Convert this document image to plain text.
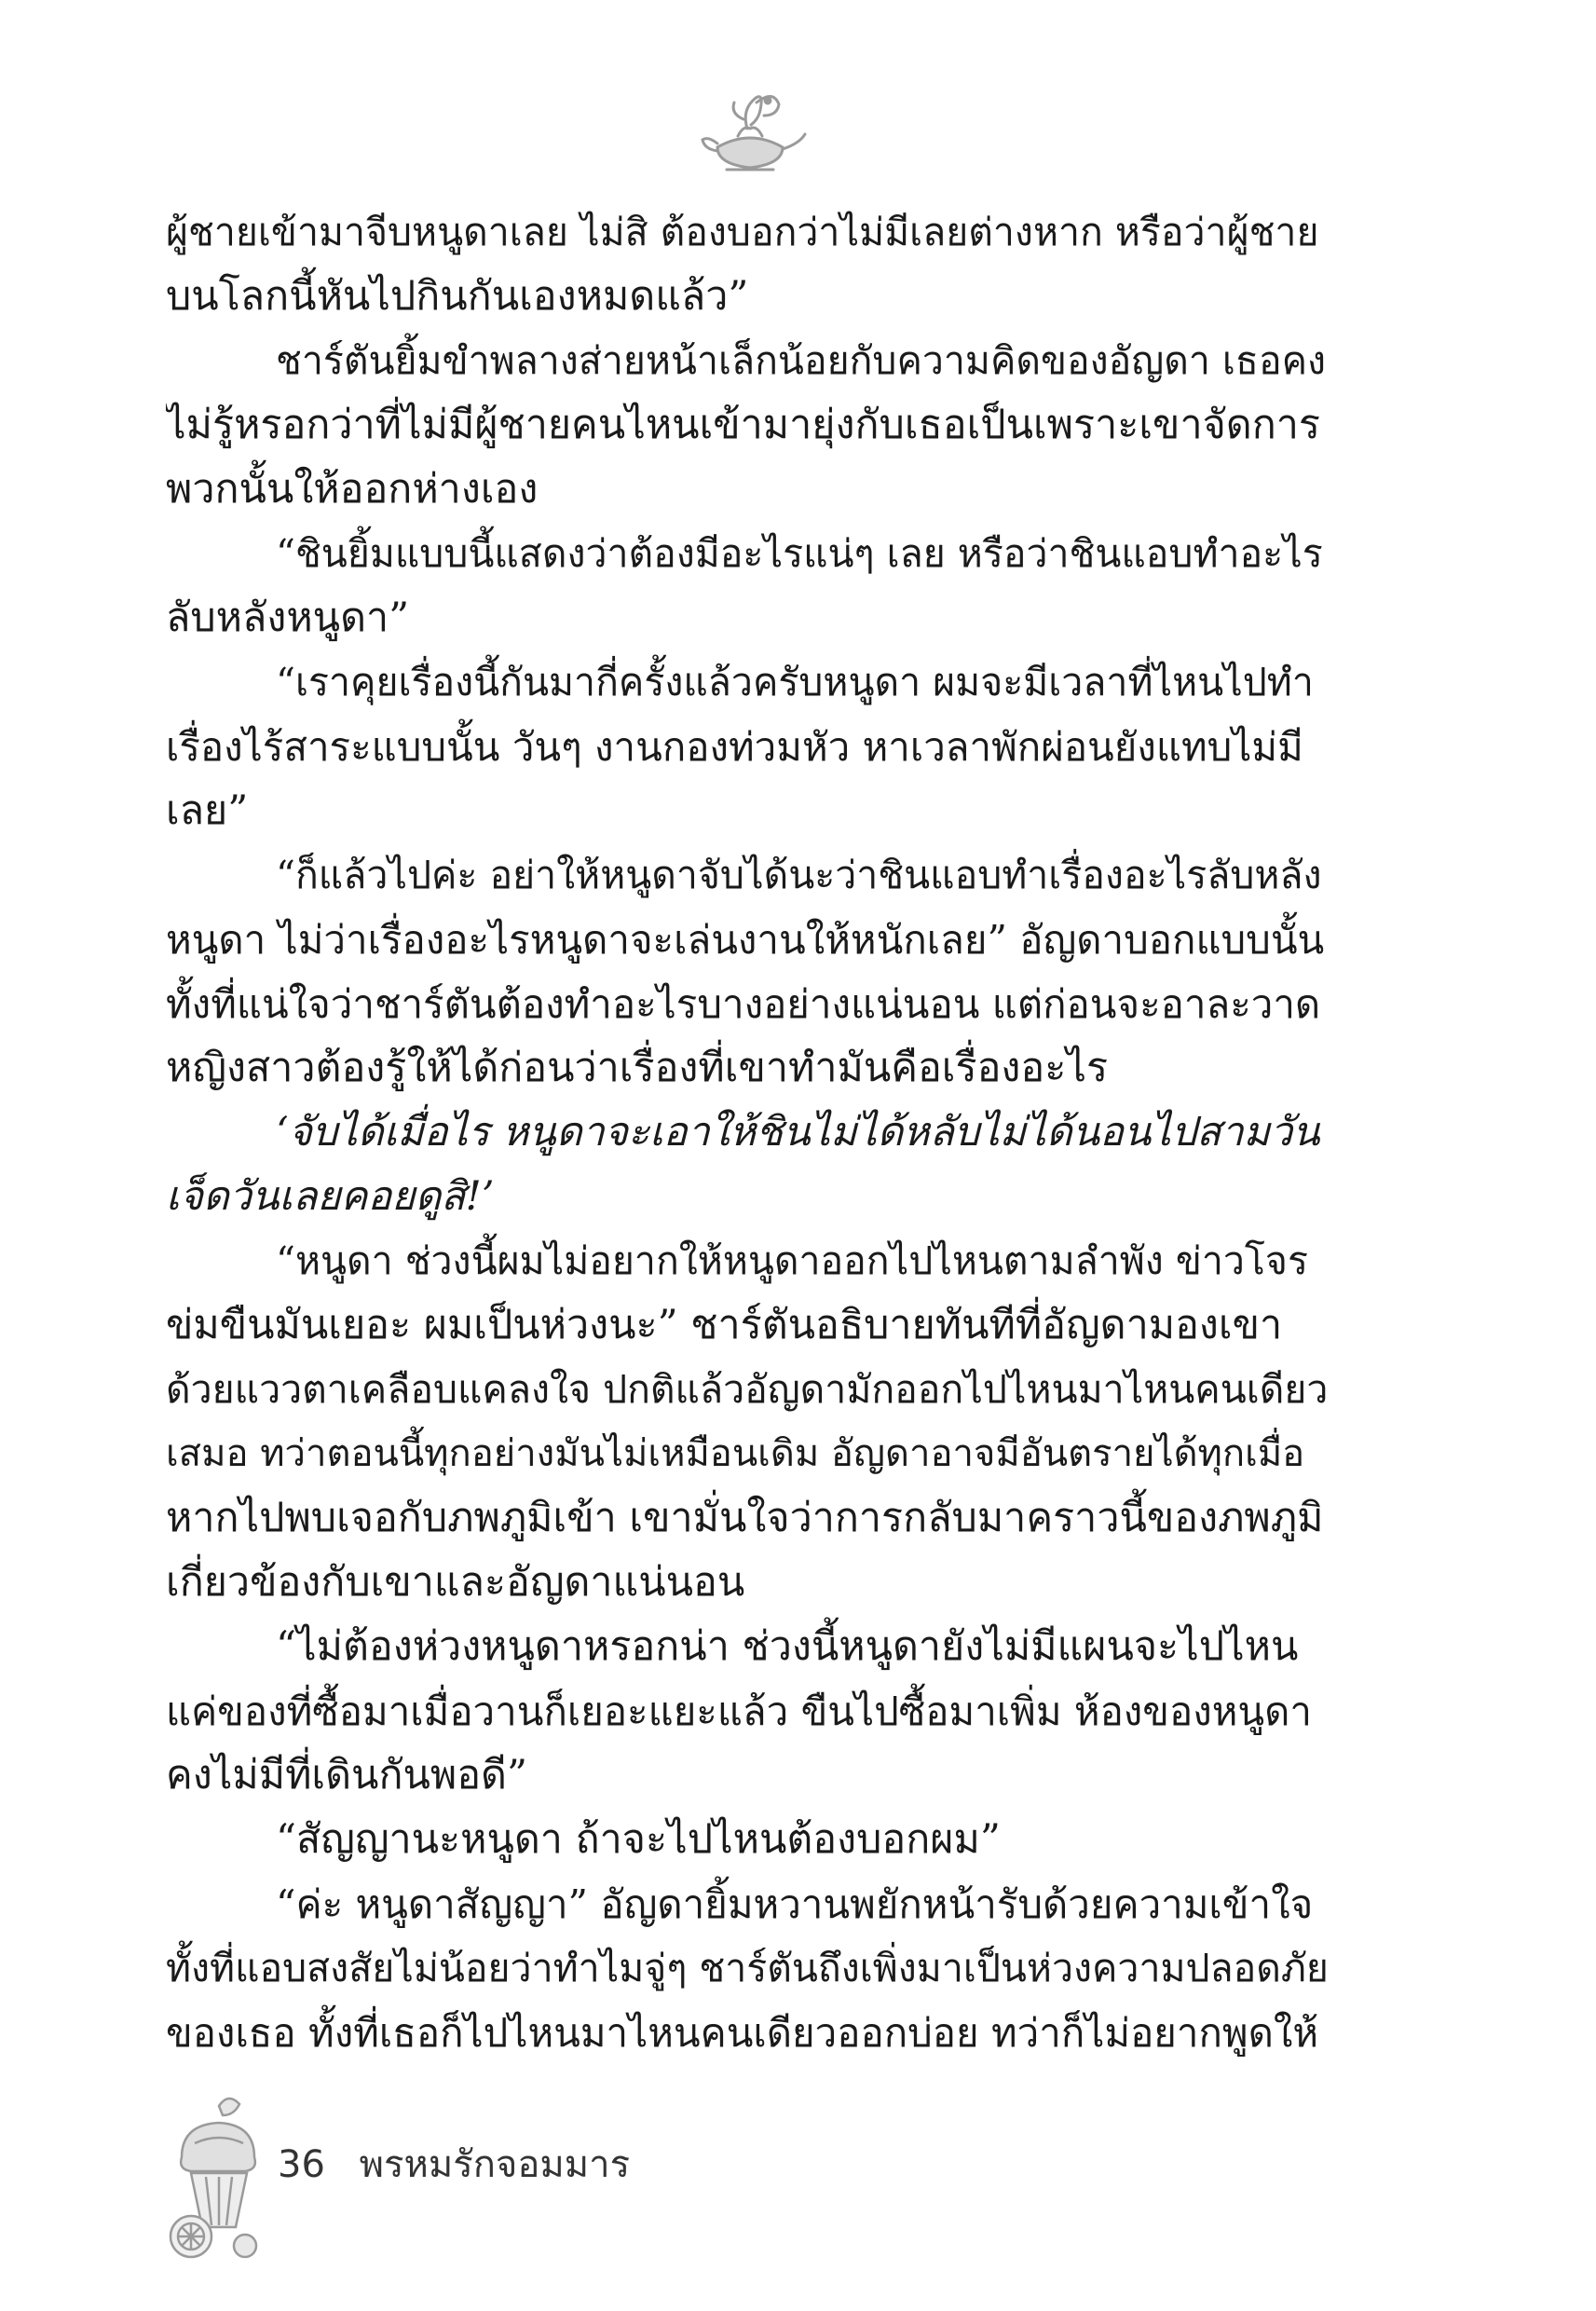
ผู้ชายเข้ามาจีบหนูดาเลย ไม่สิ ต้องบอกว่าไม่มีเลยต่างหาก หรือว่าผู้ชาย
บนโลกนี้หันไปกินกันเองหมดแล้ว”
ชาร์ตันยิ้มขำพลางส่ายหน้าเล็กน้อยกับความคิดของอัญดา เธอคง
ไม่รู้หรอกว่าที่ไม่มีผู้ชายคนไหนเข้ามายุ่งกับเธอเป็นเพราะเขาจัดการ
พวกนั้นให้ออกห่างเอง
“ชินยิ้มแบบนี้แสดงว่าต้องมีอะไรแน่ๆ เลย หรือว่าชินแอบทำอะไร
ลับหลังหนูดา”
“เราคุยเรื่องนี้กันมากี่ครั้งแล้วครับหนูดา ผมจะมีเวลาที่ไหนไปทำ
เรื่องไร้สาระแบบนั้น วันๆ งานกองท่วมหัว หาเวลาพักผ่อนยังแทบไม่มี
เลย”
“ก็แล้วไปค่ะ อย่าให้หนูดาจับได้นะว่าชินแอบทำเรื่องอะไรลับหลัง
หนูดา ไม่ว่าเรื่องอะไรหนูดาจะเล่นงานให้หนักเลย” อัญดาบอกแบบนั้น
ทั้งที่แน่ใจว่าชาร์ตันต้องทำอะไรบางอย่างแน่นอน แต่ก่อนจะอาละวาด
หญิงสาวต้องรู้ให้ได้ก่อนว่าเรื่องที่เขาทำมันคือเรื่องอะไร
‘จับได้เมื่อไร หนูดาจะเอาให้ชินไม่ได้หลับไม่ได้นอนไปสามวัน
เจ็ดวันเลยคอยดูสิ!’
“หนูดา ช่วงนี้ผมไม่อยากให้หนูดาออกไปไหนตามลำพัง ข่าวโจร
ข่มขืนมันเยอะ ผมเป็นห่วงนะ” ชาร์ตันอธิบายทันทีที่อัญดามองเขา
ด้วยแววตาเคลือบแคลงใจ ปกติแล้วอัญดามักออกไปไหนมาไหนคนเดียว
เสมอ ทว่าตอนนี้ทุกอย่างมันไม่เหมือนเดิม อัญดาอาจมีอันตรายได้ทุกเมื่อ
หากไปพบเจอกับภพภูมิเข้า เขามั่นใจว่าการกลับมาคราวนี้ของภพภูมิ
เกี่ยวข้องกับเขาและอัญดาแน่นอน
“ไม่ต้องห่วงหนูดาหรอกน่า ช่วงนี้หนูดายังไม่มีแผนจะไปไหน
แค่ของที่ซื้อมาเมื่อวานก็เยอะแยะแล้ว ขืนไปซื้อมาเพิ่ม ห้องของหนูดา
คงไม่มีที่เดินกันพอดี”
“สัญญานะหนูดา ถ้าจะไปไหนต้องบอกผม”
“ค่ะ หนูดาสัญญา” อัญดายิ้มหวานพยักหน้ารับด้วยความเข้าใจ
ทั้งที่แอบสงสัยไม่น้อยว่าทำไมจู่ๆ ชาร์ตันถึงเพิ่งมาเป็นห่วงความปลอดภัย
ของเธอ ทั้งที่เธอก็ไปไหนมาไหนคนเดียวออกบ่อย ทว่าก็ไม่อยากพูดให้
36 พรหมรักจอมมาร
